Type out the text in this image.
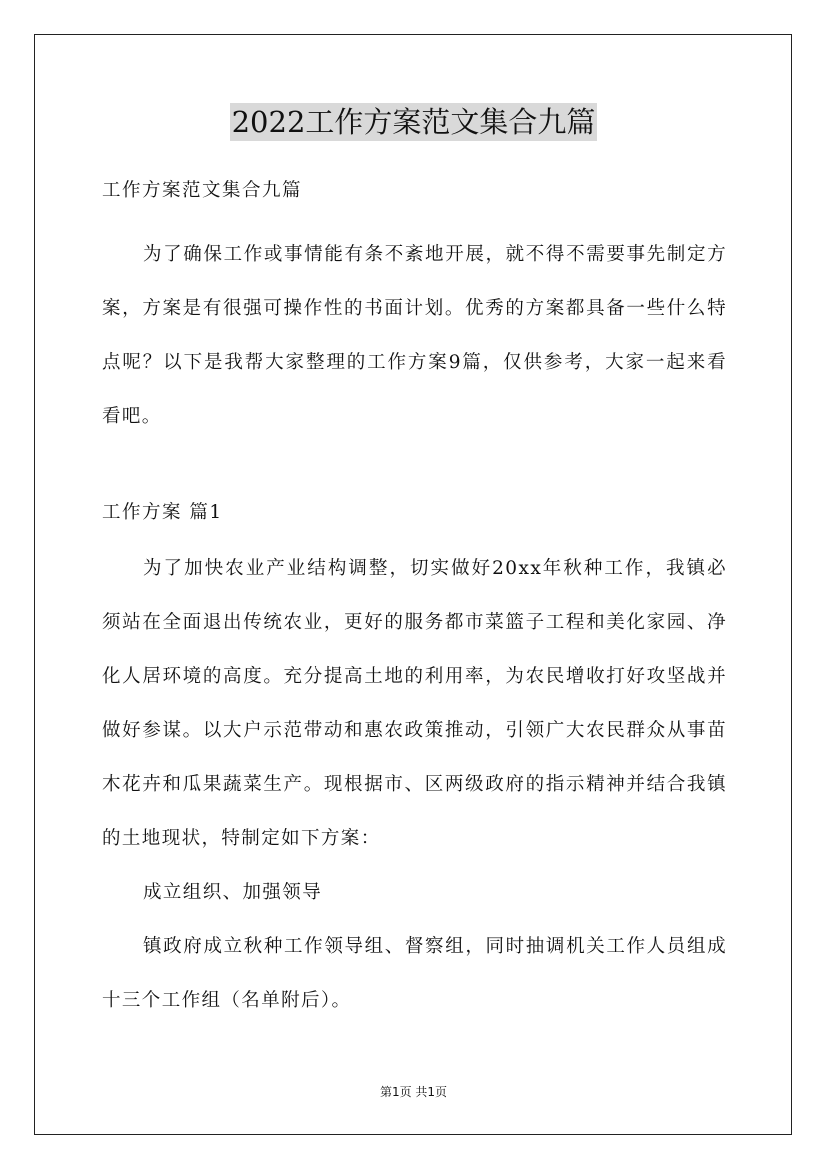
2022工作方案范文集合九篇
工作方案范文集合九篇

为了确保工作或事情能有条不紊地开展，就不得不需要事先制定方案，方案是有很强可操作性的书面计划。优秀的方案都具备一些什么特点呢？以下是我帮大家整理的工作方案9篇，仅供参考，大家一起来看看吧。

工作方案 篇1

为了加快农业产业结构调整，切实做好20xx年秋种工作，我镇必须站在全面退出传统农业，更好的服务都市菜篮子工程和美化家园、净化人居环境的高度。充分提高土地的利用率，为农民增收打好攻坚战并做好参谋。以大户示范带动和惠农政策推动，引领广大农民群众从事苗木花卉和瓜果蔬菜生产。现根据市、区两级政府的指示精神并结合我镇的土地现状，特制定如下方案：

成立组织、加强领导

镇政府成立秋种工作领导组、督察组，同时抽调机关工作人员组成十三个工作组（名单附后）。

第1页 共1页
